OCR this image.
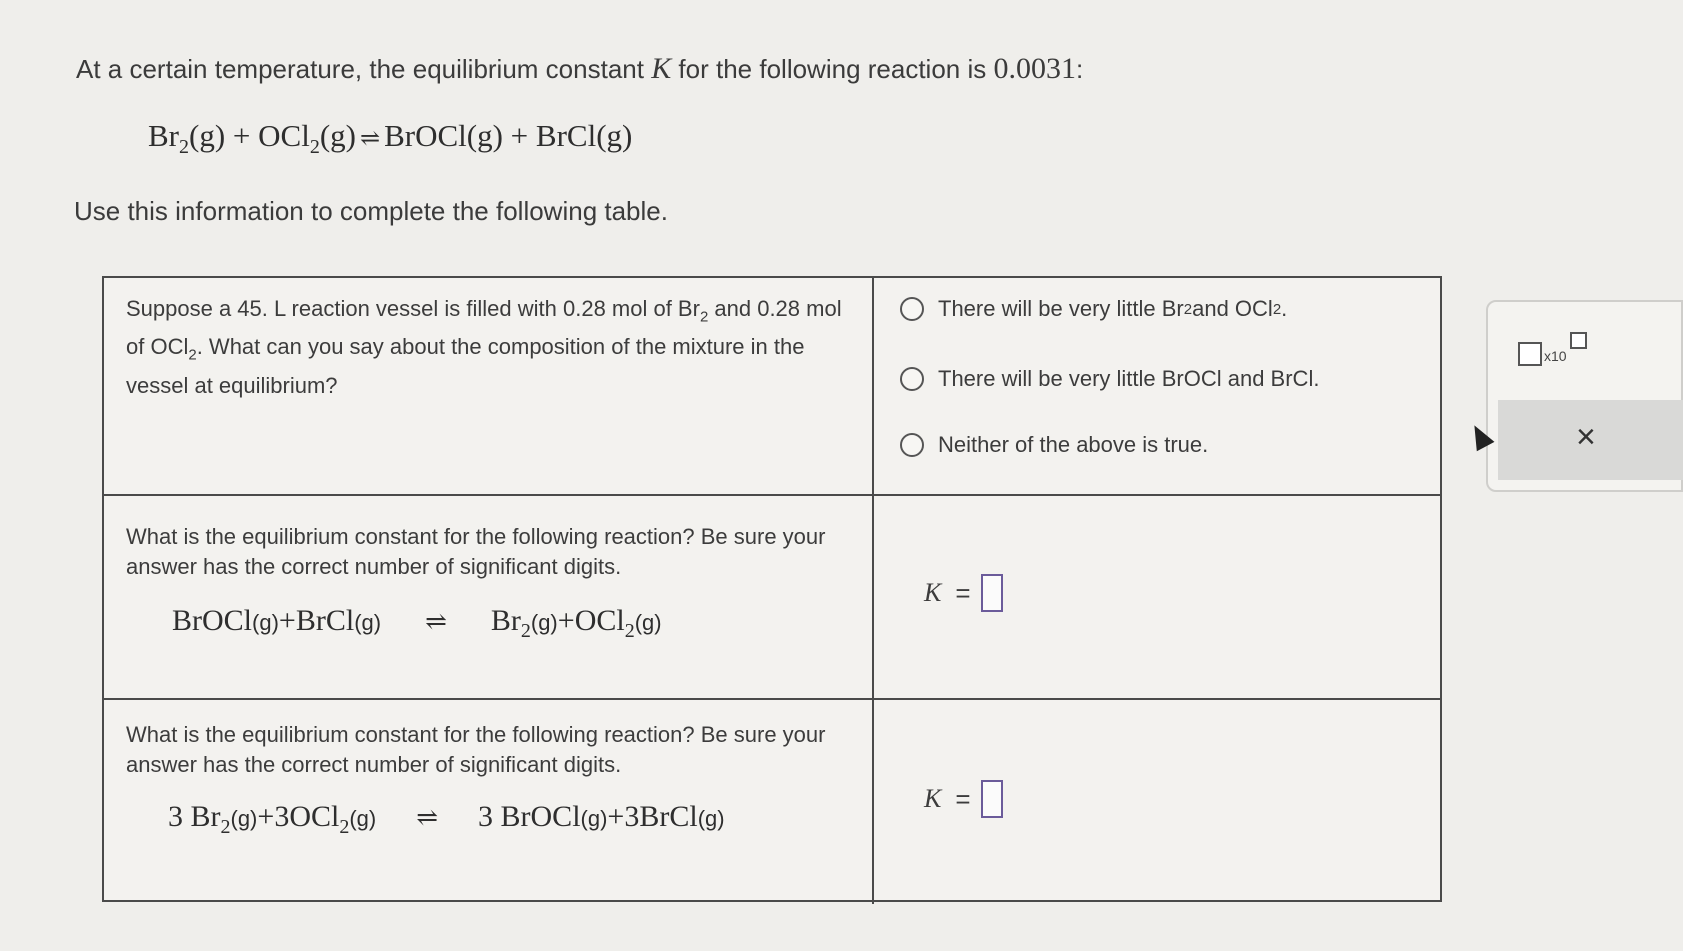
At a certain temperature, the equilibrium constant K for the following reaction is 0.0031:
$Br_2(g) + OCl_2(g)$ ⇌ BrOCl(g) + BrCl(g)
Use this information to complete the following table.
Suppose a 45. L reaction vessel is filled with 0.28 mol of $Br_2$ and 0.28 mol of OCl$_2$. What can you say about the composition of the mixture in the vessel at equilibrium?
There will be very little Br 2 and OCl 2 .
There will be very little BrOCl and BrCl.
Neither of the above is true.
What is the equilibrium constant for the following reaction? Be sure your answer has the correct number of significant digits.
BrOCl(g)+BrCl(g) ⇌ $Br_2(g)+OCl_2(g)$
K =
What is the equilibrium constant for the following reaction? Be sure your answer has the correct number of significant digits.
3 $Br_2(g)+3OCl_2(g)$ ⇌ 3 BrOCl(g)+3BrCl(g)
K =
x10
×
